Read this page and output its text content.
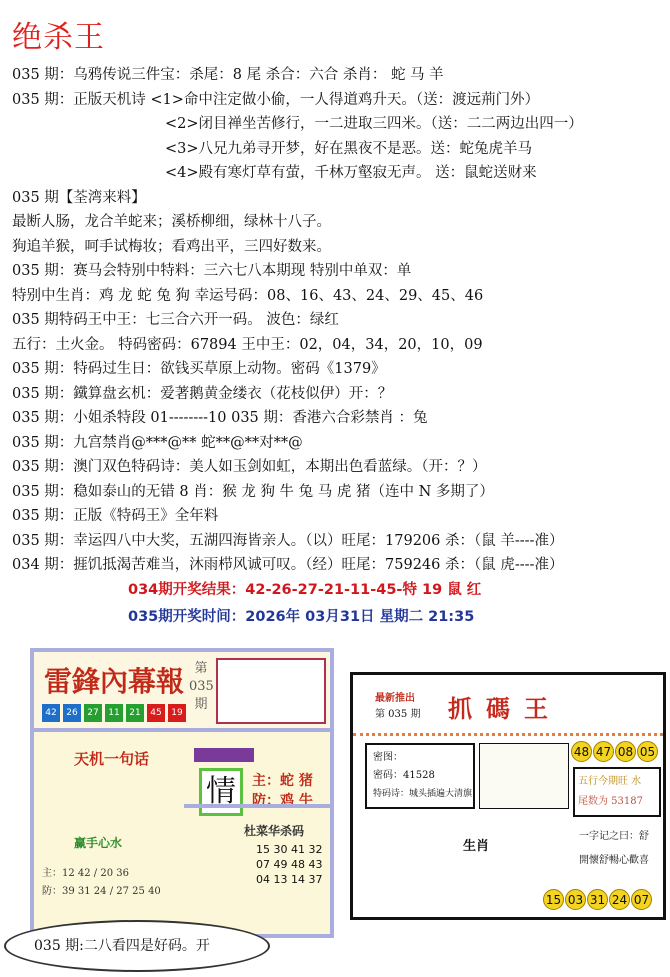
绝杀王
035 期：乌鸦传说三件宝：杀尾：8 尾 杀合：六合 杀肖： 蛇 马 羊
035 期：正版天机诗 <1>命中注定做小偷，一人得道鸡升天。（送：渡远荊门外）
<2>闭目禅坐苦修行，一二进取三四米。（送：二二两边出四一）
<3>八兄九弟寻开梦，好在黑夜不是恶。送：蛇兔虎羊马
<4>殿有寒灯草有萤，千林万壑寂无声。 送：鼠蛇送财来
035 期【荃湾来料】
最断人肠，龙合羊蛇来；溪桥柳细，绿林十八子。
狗追羊猴，呵手试梅妆；看鸡出平，三四好数来。
035 期：赛马会特别中特料：三六七八本期现 特别中单双：单
特别中生肖：鸡 龙 蛇 兔 狗 幸运号码：08、16、43、24、29、45、46
035 期特码王中王：七三合六开一码。 波色：绿红
五行：土火金。 特码密码：67894 王中王：02，04，34，20，10，09
035 期：特码过生日：欲钱买草原上动物。密码《1379》
035 期：鐵算盘玄机：爱著鹅黄金缕衣（花枝似伊）开：？
035 期：小姐杀特段 01--------10 035 期：香港六合彩禁肖 ：兔
035 期：九宫禁肖@***@** 蛇**@**对**@
035 期：澳门双色特码诗：美人如玉剑如虹，本期出色看蓝绿。（开：？）
035 期：稳如泰山的无错 8 肖：猴 龙 狗 牛 兔 马 虎 猪（连中 N 多期了）
035 期：正版《特码王》全年料
035 期：幸运四八中大奖，五湖四海皆亲人。（以）旺尾：179206 杀：（鼠 羊----准）
034 期：捱饥抵渴苦难当，沐雨栉风诚可叹。（经）旺尾：759246 杀：（鼠 虎----准）
034期开奖结果：42-26-27-21-11-45-特 19 鼠 红
035期开奖时间：2026年 03月31日 星期二 21:35
雷鋒內幕報 第035期
42	26	27	11	21	45	19
天机一句话
情	主：蛇 猪
防：鸡 牛
赢手心水
主：12 42 / 20 36
防：39 31 24 / 27 25 40
杜菜华杀码
15 30 41 32
07 49 48 43
04 13 14 37
035 期:二八看四是好码。开
最新推出
第 035 期 抓碼王
密图：
密码：41528
特码诗：城头插遍大清旗
48 47 08 05
五行今期旺 水
尾数为 53187
生肖
一字记之曰：舒
開懷舒暢心歡喜
15 03 31 24 07
